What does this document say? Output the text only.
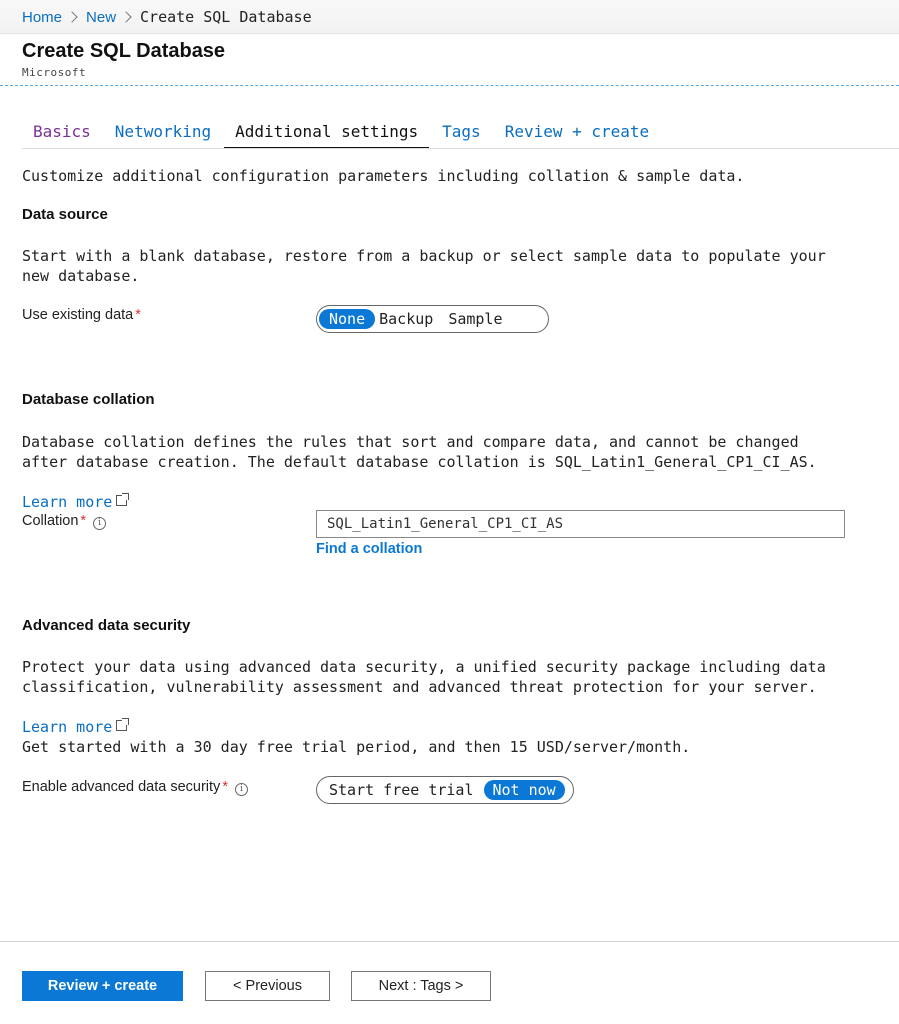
Home New Create SQL Database
Create SQL Database
Microsoft
Basics	Networking	Additional settings	Tags	Review + create
Customize additional configuration parameters including collation & sample data.
Data source
Start with a blank database, restore from a backup or select sample data to populate your
new database.
Use existing data *	None Backup	Sample
Database collation
Database collation defines the rules that sort and compare data, and cannot be changed
after database creation. The default database collation is SQL_Latin1_General_CP1_CI_AS.

Learn more

Collation * i	SQL_Latin1_General_CP1_CI_AS
Find a collation
Advanced data security
Protect your data using advanced data security, a unified security package including data
classification, vulnerability assessment and advanced threat protection for your server.

Learn more

Get started with a 30 day free trial period, and then 15 USD/server/month.
Enable advanced data security * i	Start free trial	Not now
Review + create	< Previous	Next : Tags >
